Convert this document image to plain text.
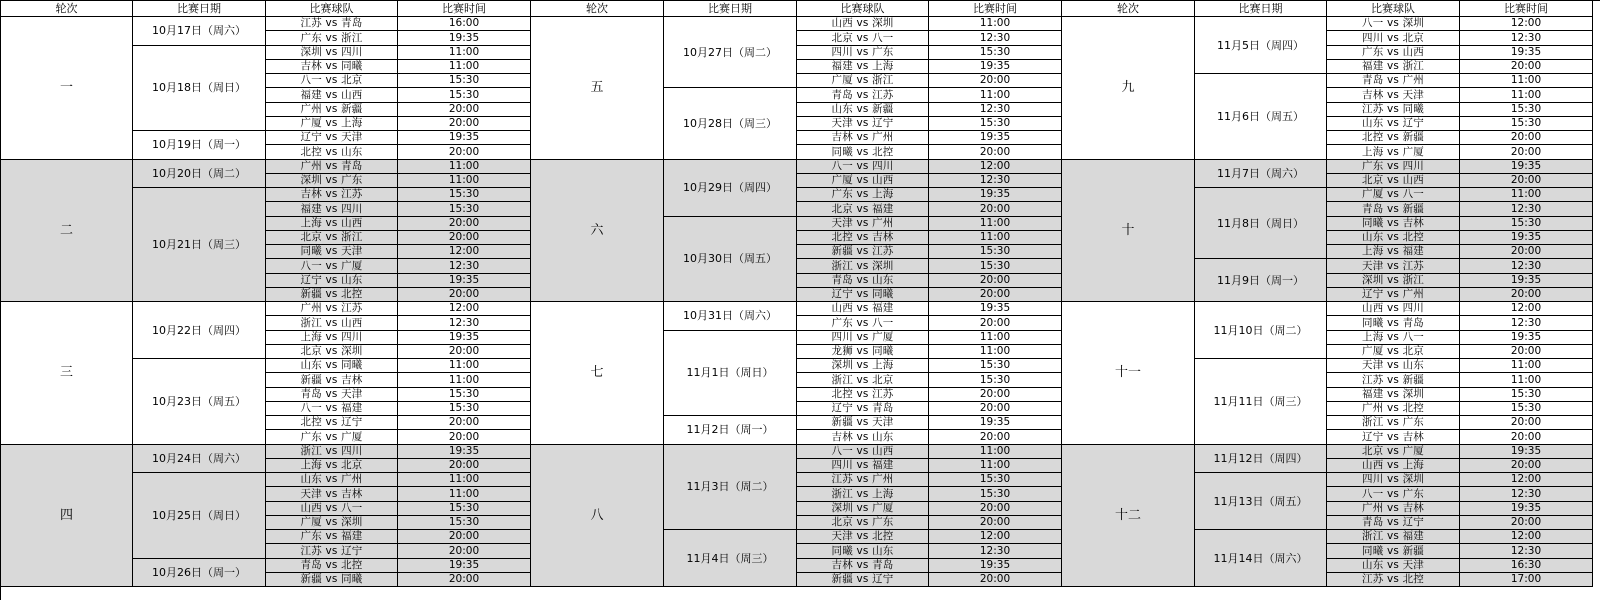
轮次	比赛日期	比赛球队	比赛时间
一
10月17日（周六）
江苏 vs 青岛	16:00
广东 vs 浙江	19:35
10月18日（周日）
深圳 vs 四川	11:00
吉林 vs 同曦	11:00
八一 vs 北京	15:30
福建 vs 山西	15:30
广州 vs 新疆	20:00
广厦 vs 上海	20:00
10月19日（周一）
辽宁 vs 天津	19:35
北控 vs 山东	20:00
二
10月20日（周二）
广州 vs 青岛	11:00
深圳 vs 广东	11:00
10月21日（周三）
吉林 vs 江苏	15:30
福建 vs 四川	15:30
上海 vs 山西	20:00
北京 vs 浙江	20:00
同曦 vs 天津	12:00
八一 vs 广厦	12:30
辽宁 vs 山东	19:35
新疆 vs 北控	20:00
三
10月22日（周四）
广州 vs 江苏	12:00
浙江 vs 山西	12:30
上海 vs 四川	19:35
北京 vs 深圳	20:00
10月23日（周五）
山东 vs 同曦	11:00
新疆 vs 吉林	11:00
青岛 vs 天津	15:30
八一 vs 福建	15:30
北控 vs 辽宁	20:00
广东 vs 广厦	20:00
四
10月24日（周六）
浙江 vs 四川	19:35
上海 vs 北京	20:00
10月25日（周日）
山东 vs 广州	11:00
天津 vs 吉林	11:00
山西 vs 八一	15:30
广厦 vs 深圳	15:30
广东 vs 福建	20:00
江苏 vs 辽宁	20:00
10月26日（周一）
青岛 vs 北控	19:35
新疆 vs 同曦	20:00
轮次	比赛日期	比赛球队	比赛时间
五
10月27日（周二）
山西 vs 深圳	11:00
北京 vs 八一	12:30
四川 vs 广东	15:30
福建 vs 上海	19:35
广厦 vs 浙江	20:00
10月28日（周三）
青岛 vs 江苏	11:00
山东 vs 新疆	12:30
天津 vs 辽宁	15:30
吉林 vs 广州	19:35
同曦 vs 北控	20:00
六
10月29日（周四）
八一 vs 四川	12:00
广厦 vs 山西	12:30
广东 vs 上海	19:35
北京 vs 福建	20:00
10月30日（周五）
天津 vs 广州	11:00
北控 vs 吉林	11:00
新疆 vs 江苏	15:30
浙江 vs 深圳	15:30
青岛 vs 山东	20:00
辽宁 vs 同曦	20:00
七
10月31日（周六）
山西 vs 福建	19:35
广东 vs 八一	20:00
11月1日（周日）
四川 vs 广厦	11:00
龙狮 vs 同曦	11:00
深圳 vs 上海	15:30
浙江 vs 北京	15:30
北控 vs 江苏	20:00
辽宁 vs 青岛	20:00
11月2日（周一）
新疆 vs 天津	19:35
吉林 vs 山东	20:00
八
11月3日（周二）
八一 vs 山西	11:00
四川 vs 福建	11:00
江苏 vs 广州	15:30
浙江 vs 上海	15:30
深圳 vs 广厦	20:00
北京 vs 广东	20:00
11月4日（周三）
天津 vs 北控	12:00
同曦 vs 山东	12:30
吉林 vs 青岛	19:35
新疆 vs 辽宁	20:00
轮次	比赛日期	比赛球队	比赛时间
九
11月5日（周四）
八一 vs 深圳	12:00
四川 vs 北京	12:30
广东 vs 山西	19:35
福建 vs 浙江	20:00
11月6日（周五）
青岛 vs 广州	11:00
吉林 vs 天津	11:00
江苏 vs 同曦	15:30
山东 vs 辽宁	15:30
北控 vs 新疆	20:00
上海 vs 广厦	20:00
十
11月7日（周六）
广东 vs 四川	19:35
北京 vs 山西	20:00
11月8日（周日）
广厦 vs 八一	11:00
青岛 vs 新疆	12:30
同曦 vs 吉林	15:30
山东 vs 北控	19:35
上海 vs 福建	20:00
11月9日（周一）
天津 vs 江苏	12:30
深圳 vs 浙江	19:35
辽宁 vs 广州	20:00
十一
11月10日（周二）
山西 vs 四川	12:00
同曦 vs 青岛	12:30
上海 vs 八一	19:35
广厦 vs 北京	20:00
11月11日（周三）
天津 vs 山东	11:00
江苏 vs 新疆	11:00
福建 vs 深圳	15:30
广州 vs 北控	15:30
浙江 vs 广东	20:00
辽宁 vs 吉林	20:00
十二
11月12日（周四）
北京 vs 广厦	19:35
山西 vs 上海	20:00
11月13日（周五）
四川 vs 深圳	12:00
八一 vs 广东	12:30
广州 vs 吉林	19:35
青岛 vs 辽宁	20:00
11月14日（周六）
浙江 vs 福建	12:00
同曦 vs 新疆	12:30
山东 vs 天津	16:30
江苏 vs 北控	17:00
